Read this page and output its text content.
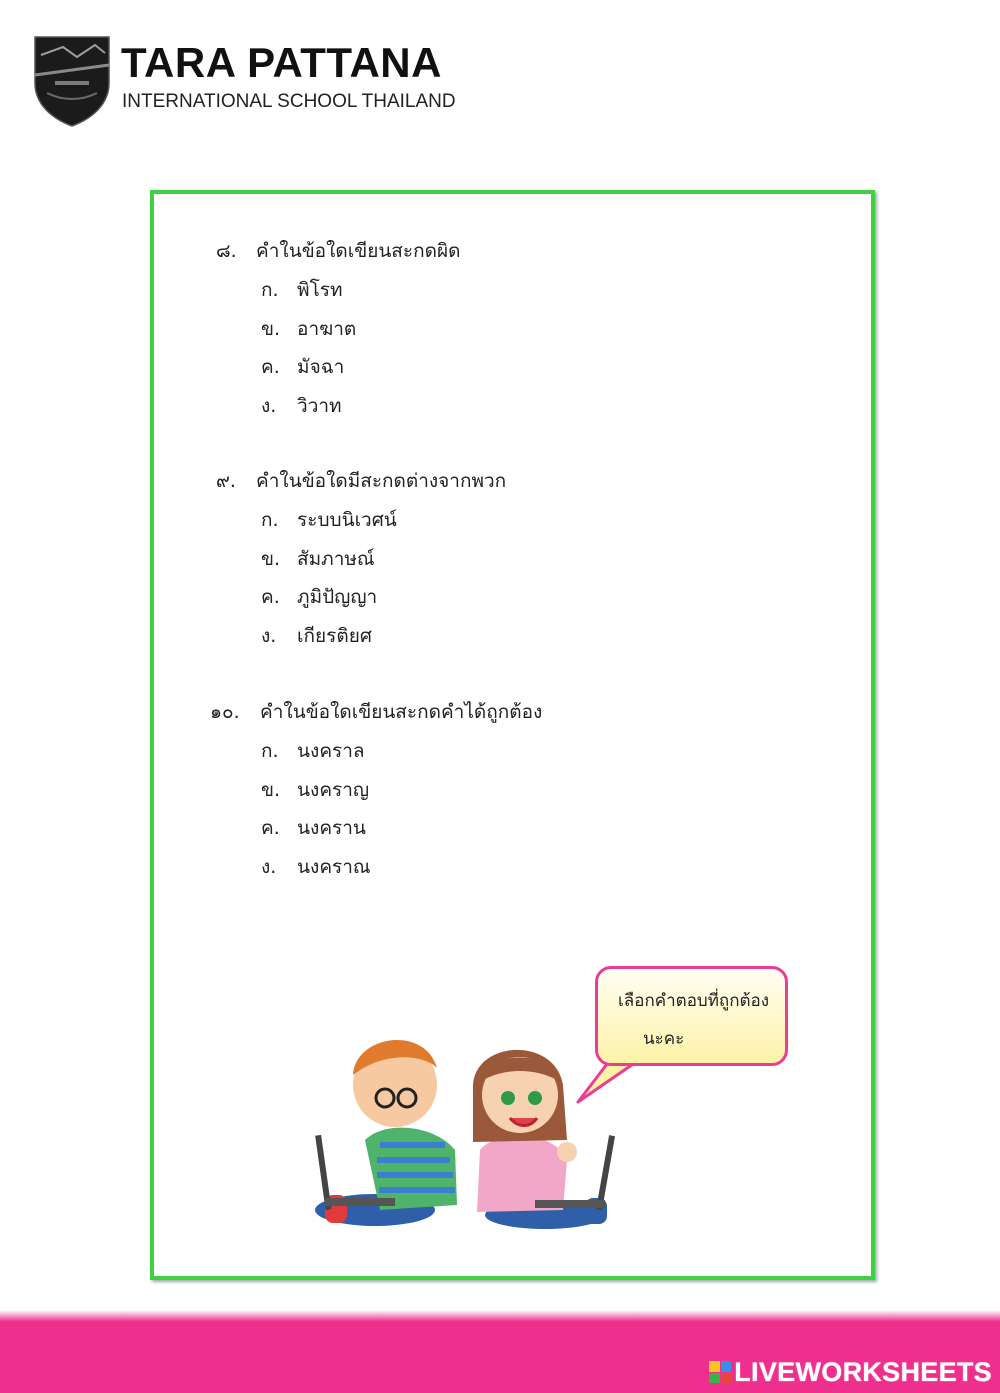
TARA PATTANA
INTERNATIONAL SCHOOL THAILAND
๘. คำในข้อใดเขียนสะกดผิด
ก. พิโรท
ข. อาฆาต
ค. มัจฉา
ง. วิวาท
๙. คำในข้อใดมีสะกดต่างจากพวก
ก. ระบบนิเวศน์
ข. สัมภาษณ์
ค. ภูมิปัญญา
ง. เกียรติยศ
๑๐. คำในข้อใดเขียนสะกดคำได้ถูกต้อง
ก. นงคราล
ข. นงคราญ
ค. นงคราน
ง. นงคราณ
เลือกคำตอบที่ถูกต้อง
นะคะ
LIVEWORKSHEETS
